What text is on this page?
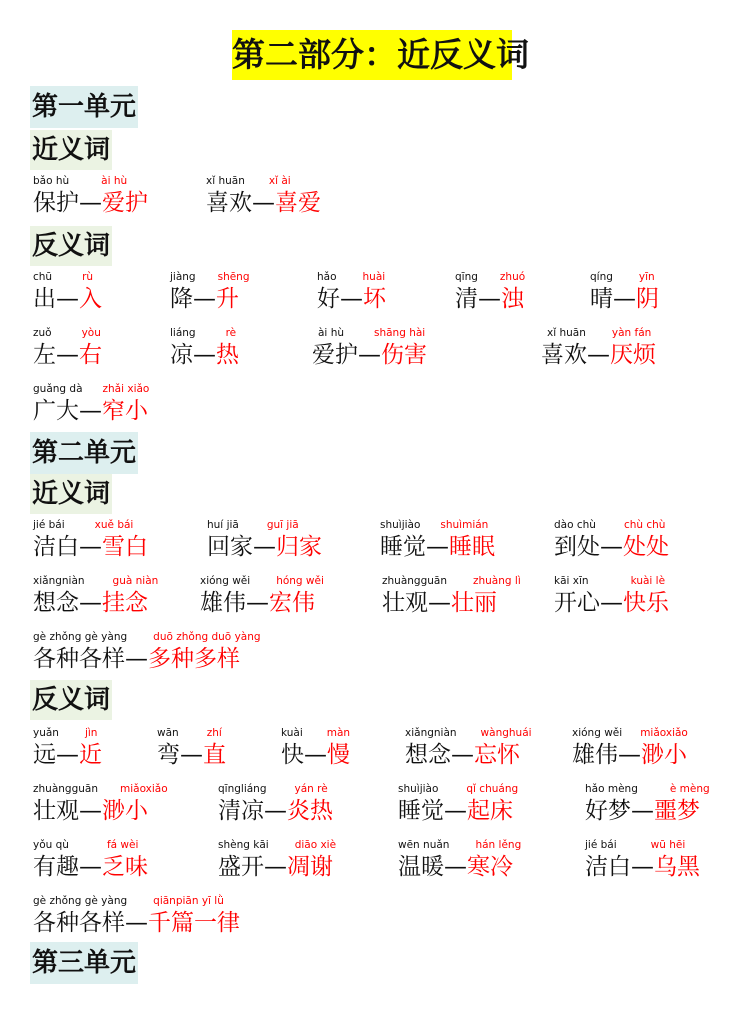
第二部分：近反义词
第一单元
近义词
bǎo hù	ài hù
保护—爱护
xǐ huān xǐ ài
喜欢—喜爱
反义词
chū	rù
出—入
jiàng shēng
降—升
hǎo huài
好—坏
qīng zhuó
清—浊
qíng yīn
晴—阴
zuǒ	yòu
左—右
liáng	rè
凉—热
ài hù	shāng hài
爱护—伤害
xǐ huān yàn fán
喜欢—厌烦
guǎng dà zhǎi xiǎo
广大—窄小
第二单元
近义词
jié bái	xuě bái
洁白—雪白
huí jiā	guī jiā
回家—归家
shuìjiào shuìmián
睡觉—睡眠
dào chù	chù chù
到处—处处
xiǎngniàn	guà niàn
想念—挂念
xióng wěi hóng wěi
雄伟—宏伟
zhuàngguān zhuàng lì
壮观—壮丽
kāi xīn	kuài lè
开心—快乐
gè zhǒng gè yàng duō zhǒng duō yàng
各种各样—多种多样
反义词
yuǎn jìn
远—近
wān	zhí
弯—直
kuài màn
快—慢
xiǎngniàn wànghuái
想念—忘怀
xióng wěi miǎoxiǎo
雄伟—渺小
zhuàngguān miǎoxiǎo
壮观—渺小
qīngliáng	yán rè
清凉—炎热
shuìjiào	qǐ chuáng
睡觉—起床
hǎo mèng	è mèng
好梦—噩梦
yǒu qù	fá wèi
有趣—乏味
shèng kāi diāo xiè
盛开—凋谢
wēn nuǎn hán lěng
温暖—寒冷
jié bái	wū hēi
洁白—乌黑
gè zhǒng gè yàng qiānpiān yī lǜ
各种各样—千篇一律
第三单元
